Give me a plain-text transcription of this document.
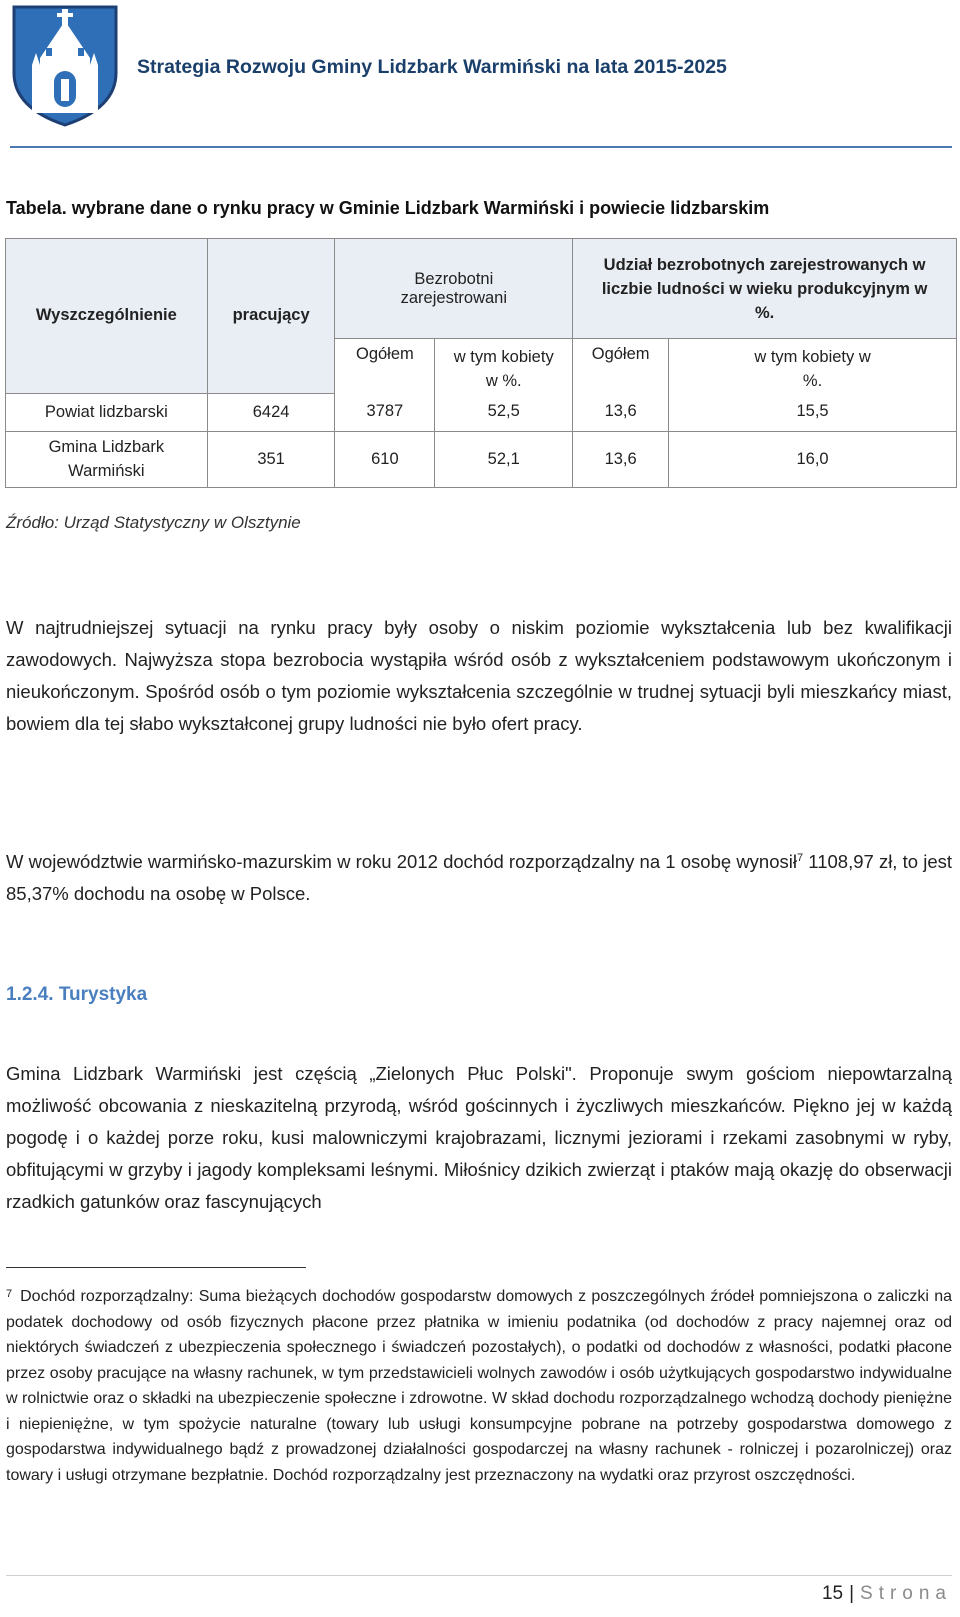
Strategia Rozwoju Gminy Lidzbark Warmiński na lata 2015-2025
Tabela. wybrane dane o rynku pracy w Gminie Lidzbark Warmiński i powiecie lidzbarskim
Wyszczególnienie	pracujący	Bezrobotni zarejestrowani		Udział bezrobotnych zarejestrowanych w liczbie ludności w wieku produkcyjnym w %.	

		Ogółem	w tym kobiety w %.	Ogółem	w tym kobiety w %.

Powiat lidzbarski	6424	3787	52,5	13,6	15,5

Gmina Lidzbark Warmiński	351	610	52,1	13,6	16,0
Źródło: Urząd Statystyczny w Olsztynie
W najtrudniejszej sytuacji na rynku pracy były osoby o niskim poziomie wykształcenia lub bez kwalifikacji zawodowych. Najwyższa stopa bezrobocia wystąpiła wśród osób z wykształceniem podstawowym ukończonym i nieukończonym. Spośród osób o tym poziomie wykształcenia szczególnie w trudnej sytuacji byli mieszkańcy miast, bowiem dla tej słabo wykształconej grupy ludności nie było ofert pracy.
W województwie warmińsko-mazurskim w roku 2012 dochód rozporządzalny na 1 osobę wynosił$^7$ 1108,97 zł, to jest 85,37% dochodu na osobę w Polsce.
1.2.4. Turystyka
Gmina Lidzbark Warmiński jest częścią „Zielonych Płuc Polski". Proponuje swym gościom niepowtarzalną możliwość obcowania z nieskazitelną przyrodą, wśród gościnnych i życzliwych mieszkańców. Piękno jej w każdą pogodę i o każdej porze roku, kusi malowniczymi krajobrazami, licznymi jeziorami i rzekami zasobnymi w ryby, obfitującymi w grzyby i jagody kompleksami leśnymi. Miłośnicy dzikich zwierząt i ptaków mają okazję do obserwacji rzadkich gatunków oraz fascynujących
$^7$ Dochód rozporządzalny: Suma bieżących dochodów gospodarstw domowych z poszczególnych źródeł pomniejszona o zaliczki na podatek dochodowy od osób fizycznych płacone przez płatnika w imieniu podatnika (od dochodów z pracy najemnej oraz od niektórych świadczeń z ubezpieczenia społecznego i świadczeń pozostałych), o podatki od dochodów z własności, podatki płacone przez osoby pracujące na własny rachunek, w tym przedstawicieli wolnych zawodów i osób użytkujących gospodarstwo indywidualne w rolnictwie oraz o składki na ubezpieczenie społeczne i zdrowotne. W skład dochodu rozporządzalnego wchodzą dochody pieniężne i niepieniężne, w tym spożycie naturalne (towary lub usługi konsumpcyjne pobrane na potrzeby gospodarstwa domowego z gospodarstwa indywidualnego bądź z prowadzonej działalności gospodarczej na własny rachunek - rolniczej i pozarolniczej) oraz towary i usługi otrzymane bezpłatnie. Dochód rozporządzalny jest przeznaczony na wydatki oraz przyrost oszczędności.
15 | Strona
